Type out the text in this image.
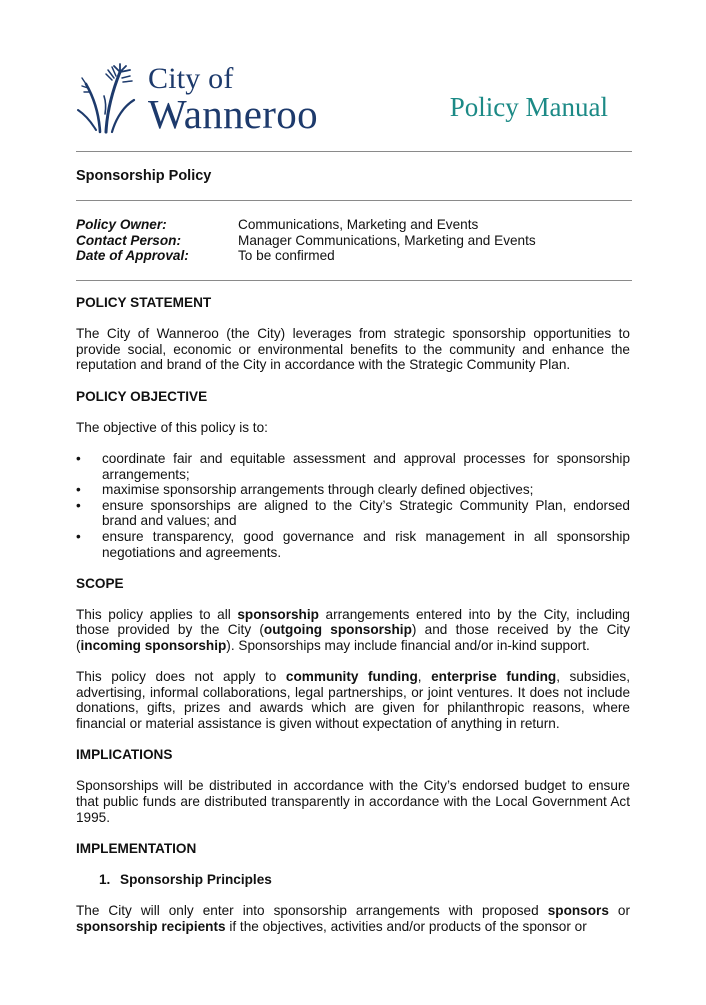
City of
Wanneroo	Policy Manual
Sponsorship Policy
Policy Owner:	Communications, Marketing and Events
Contact Person:	Manager Communications, Marketing and Events
Date of Approval:	To be confirmed
POLICY STATEMENT
The City of Wanneroo (the City) leverages from strategic sponsorship opportunities to provide social, economic or environmental benefits to the community and enhance the reputation and brand of the City in accordance with the Strategic Community Plan.
POLICY OBJECTIVE
The objective of this policy is to:
• coordinate fair and equitable assessment and approval processes for sponsorship arrangements;
• maximise sponsorship arrangements through clearly defined objectives;
• ensure sponsorships are aligned to the City’s Strategic Community Plan, endorsed brand and values; and
• ensure transparency, good governance and risk management in all sponsorship negotiations and agreements.
SCOPE
This policy applies to all sponsorship arrangements entered into by the City, including those provided by the City (outgoing sponsorship) and those received by the City (incoming sponsorship). Sponsorships may include financial and/or in-kind support.
This policy does not apply to community funding, enterprise funding, subsidies, advertising, informal collaborations, legal partnerships, or joint ventures. It does not include donations, gifts, prizes and awards which are given for philanthropic reasons, where financial or material assistance is given without expectation of anything in return.
IMPLICATIONS
Sponsorships will be distributed in accordance with the City’s endorsed budget to ensure that public funds are distributed transparently in accordance with the Local Government Act 1995.
IMPLEMENTATION
1. Sponsorship Principles
The City will only enter into sponsorship arrangements with proposed sponsors or sponsorship recipients if the objectives, activities and/or products of the sponsor or
